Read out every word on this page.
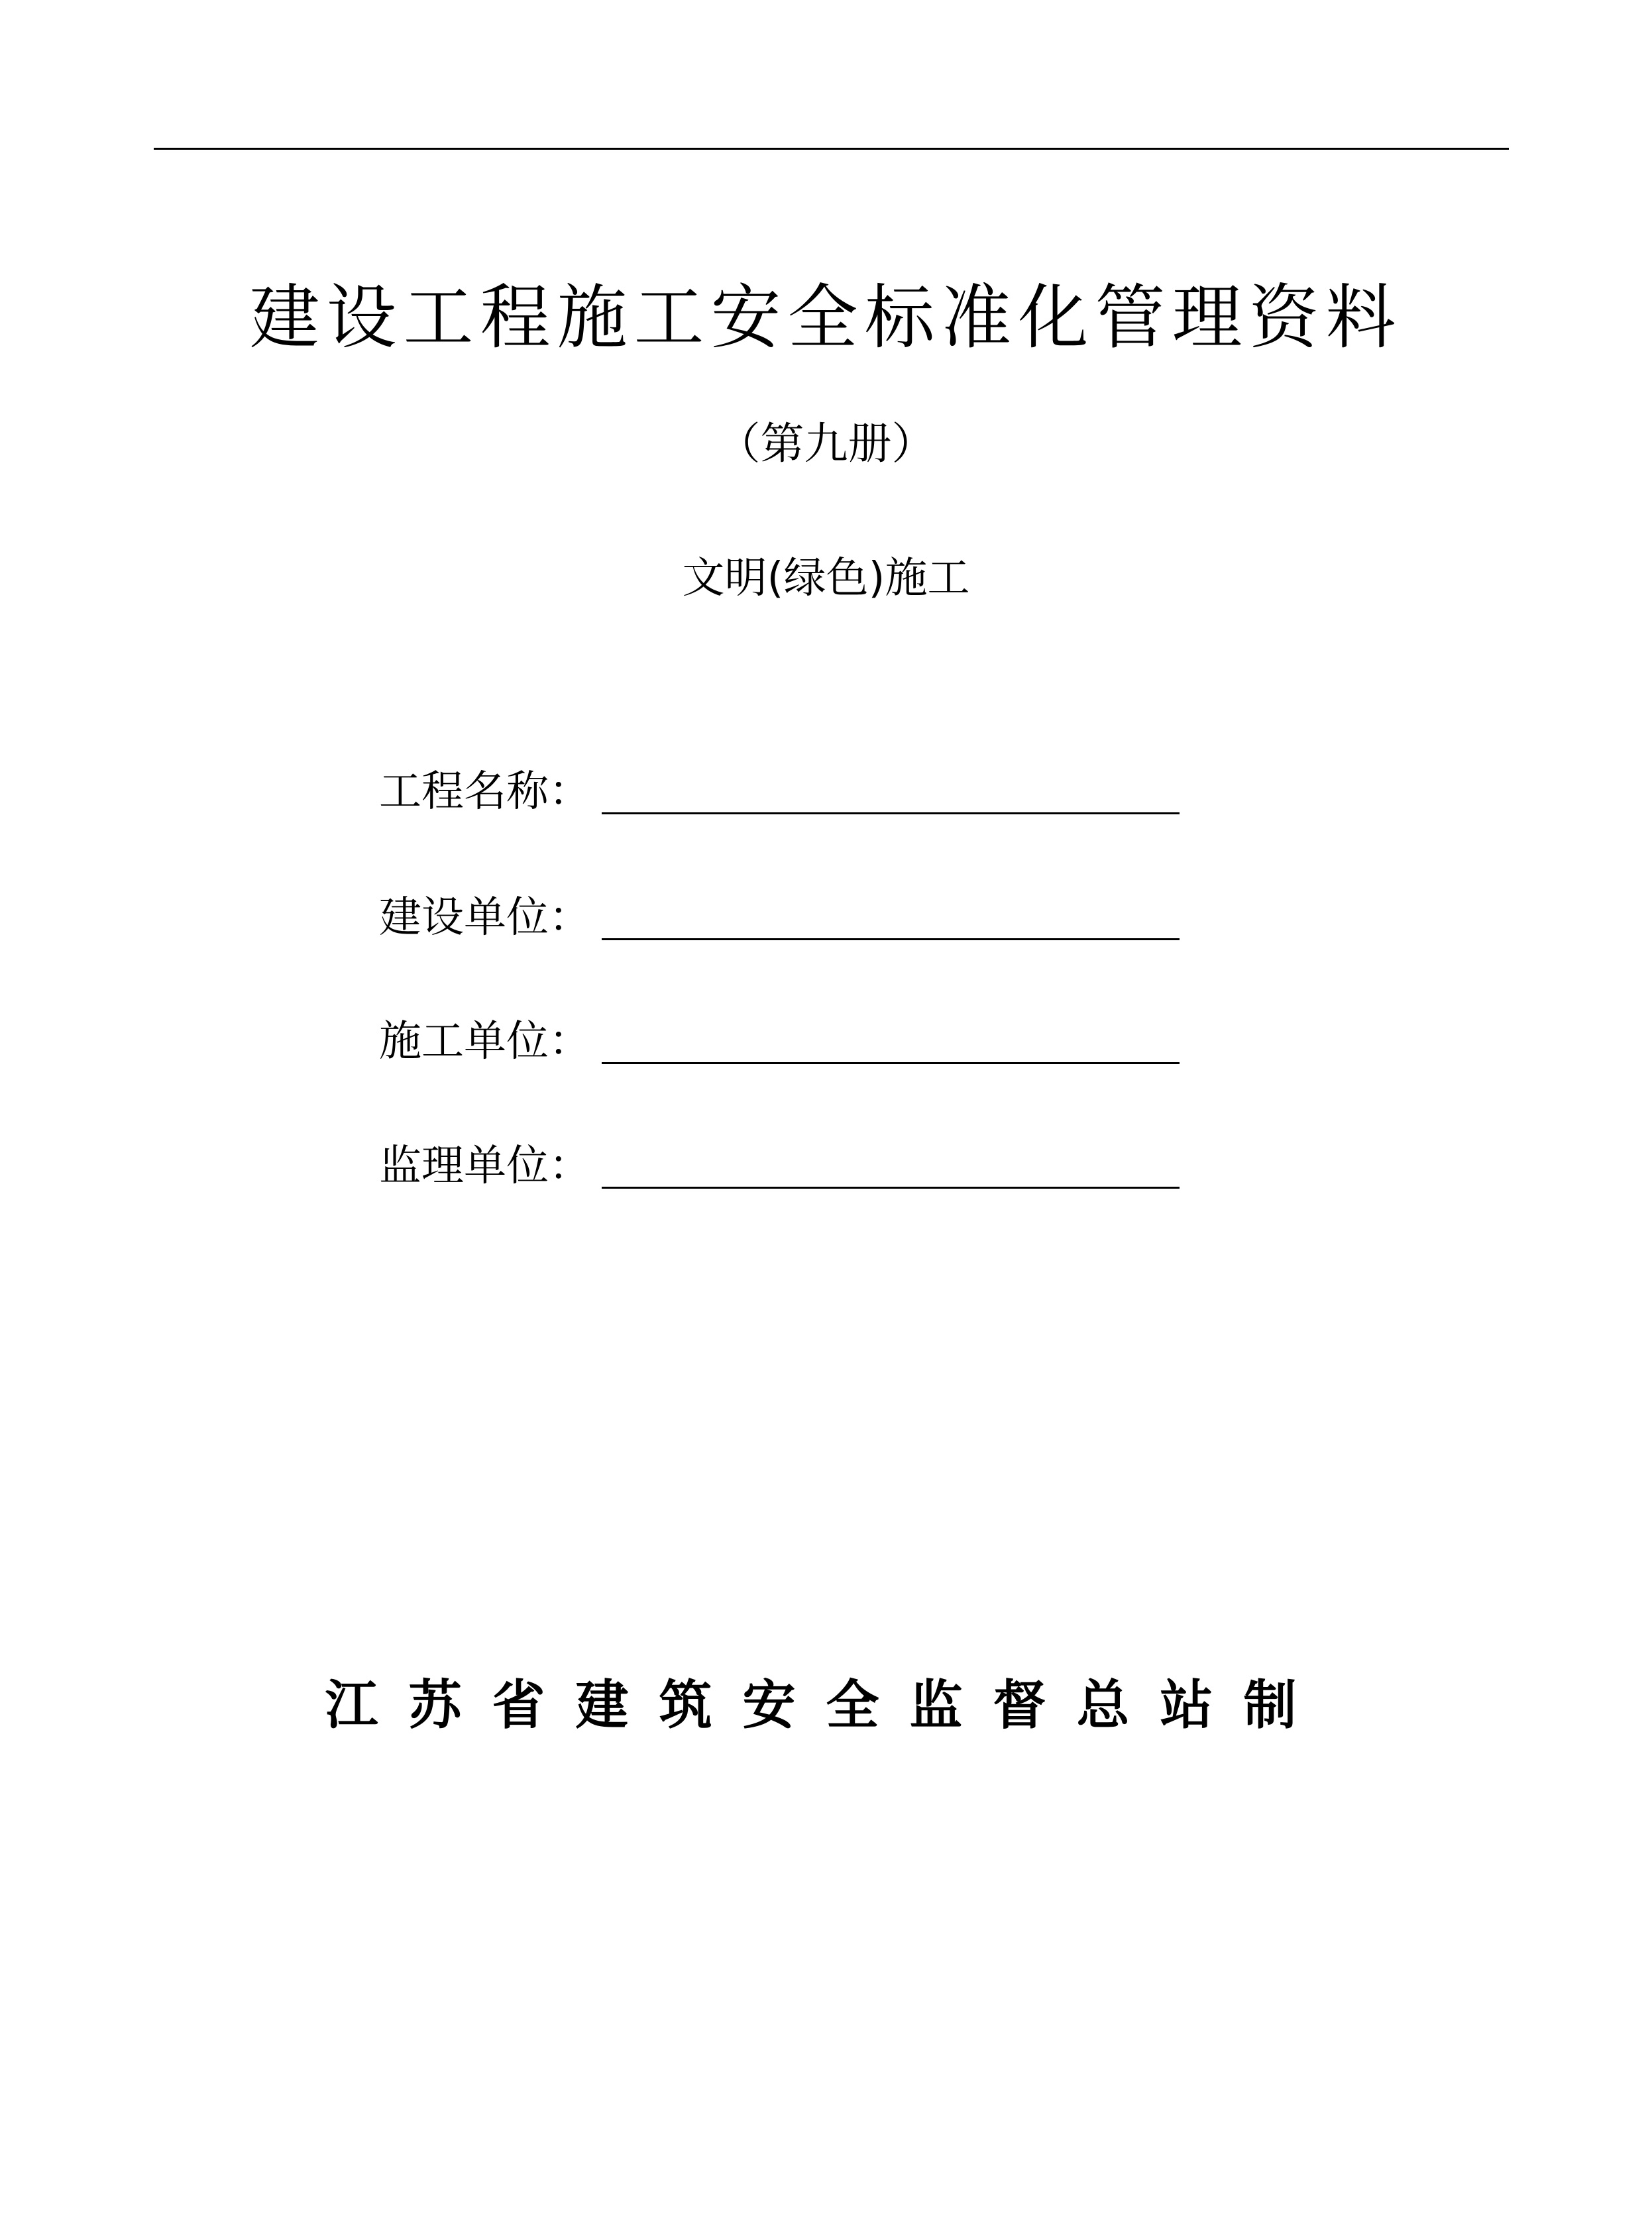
建设工程施工安全标准化管理资料
（第九册）
文明(绿色)施工
工程名称：
建设单位：
施工单位：
监理单位：
江苏省建筑安全监督总站制
